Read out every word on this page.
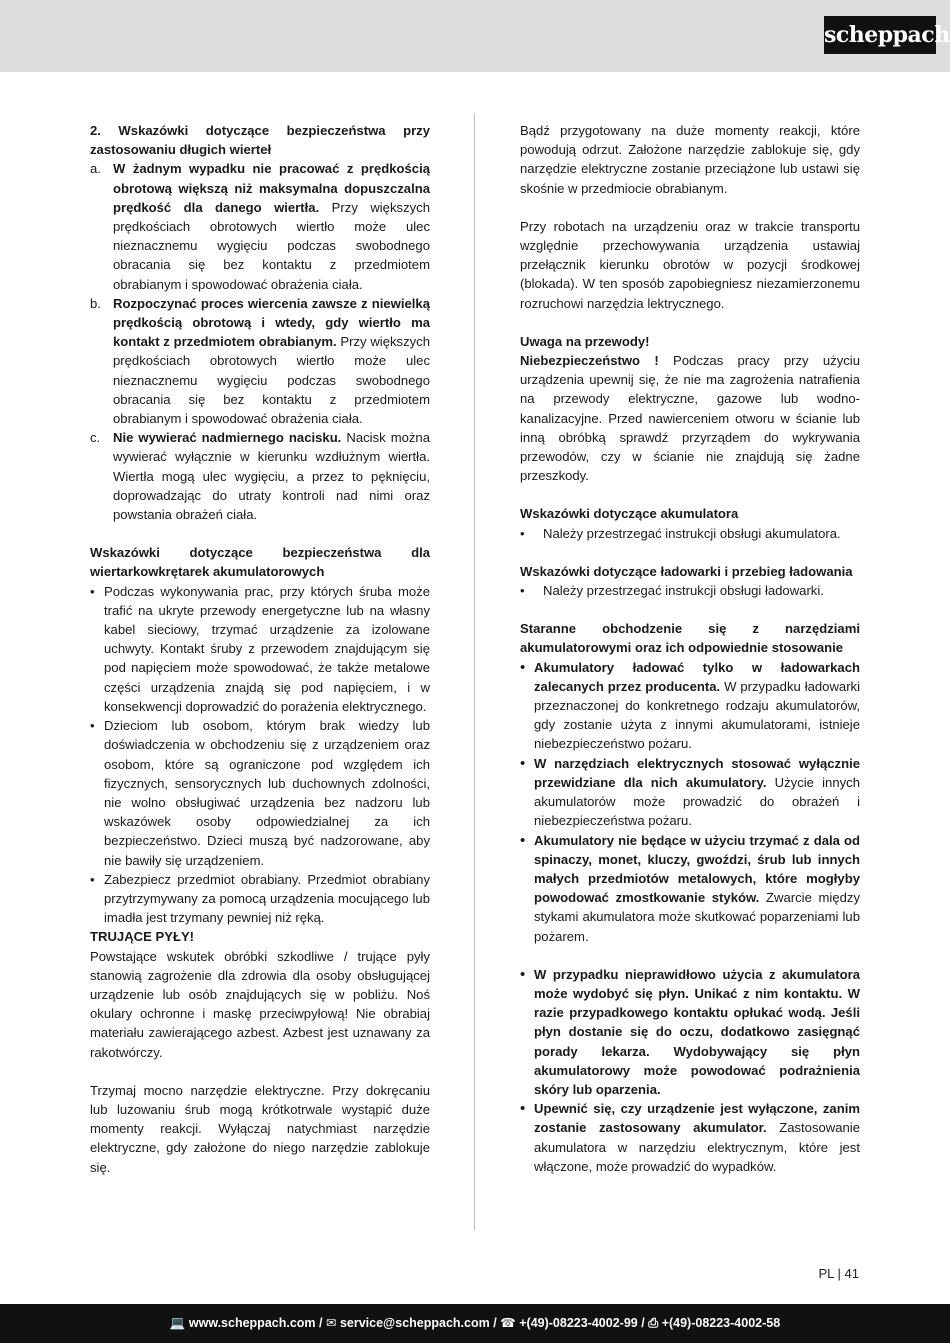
scheppach

2. Wskazówki dotyczące bezpieczeństwa przy zastosowaniu długich wierteł

a. W żadnym wypadku nie pracować z prędkością obrotową większą niż maksymalna dopuszczalna prędkość dla danego wiertła. Przy większych prędkościach obrotowych wiertło może ulec nieznacznemu wygięciu podczas swobodnego obracania się bez kontaktu z przedmiotem obrabianym i spowodować obrażenia ciała.
b. Rozpoczynać proces wiercenia zawsze z niewielką prędkością obrotową i wtedy, gdy wiertło ma kontakt z przedmiotem obrabianym. Przy większych prędkościach obrotowych wiertło może ulec nieznacznemu wygięciu podczas swobodnego obracania się bez kontaktu z przedmiotem obrabianym i spowodować obrażenia ciała.
c. Nie wywierać nadmiernego nacisku. Nacisk można wywierać wyłącznie w kierunku wzdłużnym wiertła. Wiertła mogą ulec wygięciu, a przez to pęknięciu, doprowadzając do utraty kontroli nad nimi oraz powstania obrażeń ciała.

Wskazówki dotyczące bezpieczeństwa dla wiertarkowkrętarek akumulatorowych

• Podczas wykonywania prac, przy których śruba może trafić na ukryte przewody energetyczne lub na własny kabel sieciowy, trzymać urządzenie za izolowane uchwyty. Kontakt śruby z przewodem znajdującym się pod napięciem może spowodować, że także metalowe części urządzenia znajdą się pod napięciem, i w konsekwencji doprowadzić do porażenia elektrycznego.
• Dzieciom lub osobom, którym brak wiedzy lub doświadczenia w obchodzeniu się z urządzeniem oraz osobom, które są ograniczone pod względem ich fizycznych, sensorycznych lub duchownych zdolności, nie wolno obsługiwać urządzenia bez nadzoru lub wskazówek osoby odpowiedzialnej za ich bezpieczeństwo. Dzieci muszą być nadzorowane, aby nie bawiły się urządzeniem.
• Zabezpiecz przedmiot obrabiany. Przedmiot obrabiany przytrzymywany za pomocą urządzenia mocującego lub imadła jest trzymany pewniej niż ręką.

TRUJĄCE PYŁY!

Powstające wskutek obróbki szkodliwe / trujące pyły stanowią zagrożenie dla zdrowia dla osoby obsługującej urządzenie lub osób znajdujących się w pobliżu. Noś okulary ochronne i maskę przeciwpyłową! Nie obrabiaj materiału zawierającego azbest. Azbest jest uznawany za rakotwórczy.

Trzymaj mocno narzędzie elektryczne. Przy dokręcaniu lub luzowaniu śrub mogą krótkotrwale wystąpić duże momenty reakcji. Wyłączaj natychmiast narzędzie elektryczne, gdy założone do niego narzędzie zablokuje się.

Bądź przygotowany na duże momenty reakcji, które powodują odrzut. Założone narzędzie zablokuje się, gdy narzędzie elektryczne zostanie przeciążone lub ustawi się skośnie w przedmiocie obrabianym.

Przy robotach na urządzeniu oraz w trakcie transportu względnie przechowywania urządzenia ustawiaj przełącznik kierunku obrotów w pozycji środkowej (blokada). W ten sposób zapobiegniesz niezamierzonemu rozruchowi narzędzia lektrycznego.

Uwaga na przewody!

Niebezpieczeństwo ! Podczas pracy przy użyciu urządzenia upewnij się, że nie ma zagrożenia natrafienia na przewody elektryczne, gazowe lub wodno-kanalizacyjne. Przed nawierceniem otworu w ścianie lub inną obróbką sprawdź przyrządem do wykrywania przewodów, czy w ścianie nie znajdują się żadne przeszkody.

Wskazówki dotyczące akumulatora

• Należy przestrzegać instrukcji obsługi akumulatora.

Wskazówki dotyczące ładowarki i przebieg ładowania

• Należy przestrzegać instrukcji obsługi ładowarki.

Staranne obchodzenie się z narzędziami akumulatorowymi oraz ich odpowiednie stosowanie

• Akumulatory ładować tylko w ładowarkach zalecanych przez producenta. W przypadku ładowarki przeznaczonej do konkretnego rodzaju akumulatorów, gdy zostanie użyta z innymi akumulatorami, istnieje niebezpieczeństwo pożaru.
• W narzędziach elektrycznych stosować wyłącznie przewidziane dla nich akumulatory. Użycie innych akumulatorów może prowadzić do obrażeń i niebezpieczeństwa pożaru.
• Akumulatory nie będące w użyciu trzymać z dala od spinaczy, monet, kluczy, gwoździ, śrub lub innych małych przedmiotów metalowych, które mogłyby powodować zmostkowanie styków. Zwarcie między stykami akumulatora może skutkować poparzeniami lub pożarem.
• W przypadku nieprawidłowo użycia z akumulatora może wydobyć się płyn. Unikać z nim kontaktu. W razie przypadkowego kontaktu opłukać wodą. Jeśli płyn dostanie się do oczu, dodatkowo zasięgnąć porady lekarza. Wydobywający się płyn akumulatorowy może powodować podrażnienia skóry lub oparzenia.
• Upewnić się, czy urządzenie jest wyłączone, zanim zostanie zastosowany akumulator. Zastosowanie akumulatora w narzędziu elektrycznym, które jest włączone, może prowadzić do wypadków.
PL | 41
💻 www.scheppach.com / ✉ service@scheppach.com / ☎ +(49)-08223-4002-99 / ⎙ +(49)-08223-4002-58
